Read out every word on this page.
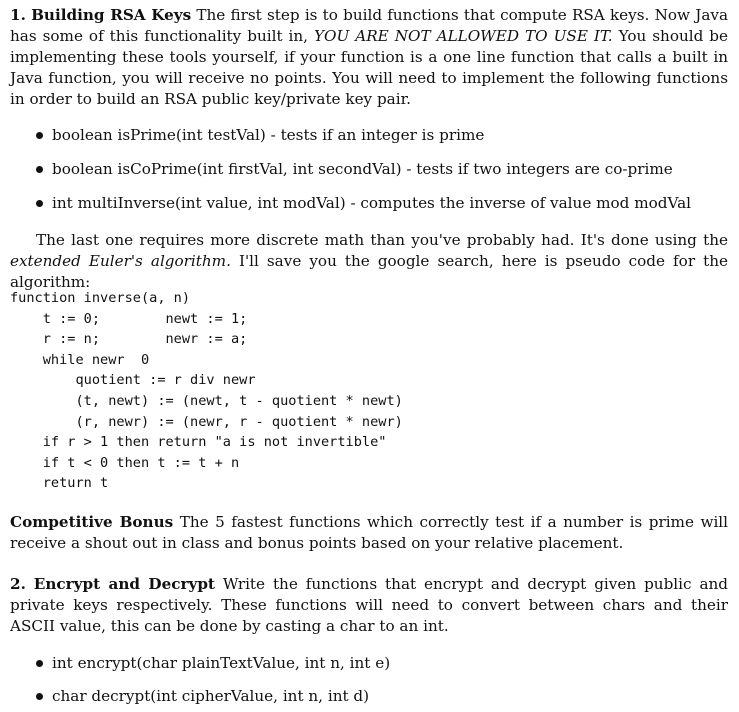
1. Building RSA Keys The first step is to build functions that compute RSA keys. Now Java has some of this functionality built in, YOU ARE NOT ALLOWED TO USE IT. You should be implementing these tools yourself, if your function is a one line function that calls a built in Java function, you will receive no points. You will need to implement the following functions in order to build an RSA public key/private key pair.

boolean isPrime(int testVal) - tests if an integer is prime
boolean isCoPrime(int firstVal, int secondVal) - tests if two integers are co-prime
int multiInverse(int value, int modVal) - computes the inverse of value mod modVal

The last one requires more discrete math than you've probably had. It's done using the extended Euler's algorithm. I'll save you the google search, here is pseudo code for the algorithm:

function inverse(a, n)
t := 0;        newt := 1;
r := n;        newr := a;
while newr  0
quotient := r div newr
(t, newt) := (newt, t - quotient * newt)
(r, newr) := (newr, r - quotient * newr)
if r > 1 then return "a is not invertible"
if t < 0 then t := t + n
return t

Competitive Bonus The 5 fastest functions which correctly test if a number is prime will receive a shout out in class and bonus points based on your relative placement.

2. Encrypt and Decrypt Write the functions that encrypt and decrypt given public and private keys respectively. These functions will need to convert between chars and their ASCII value, this can be done by casting a char to an int.

int encrypt(char plainTextValue, int n, int e)
char decrypt(int cipherValue, int n, int d)
